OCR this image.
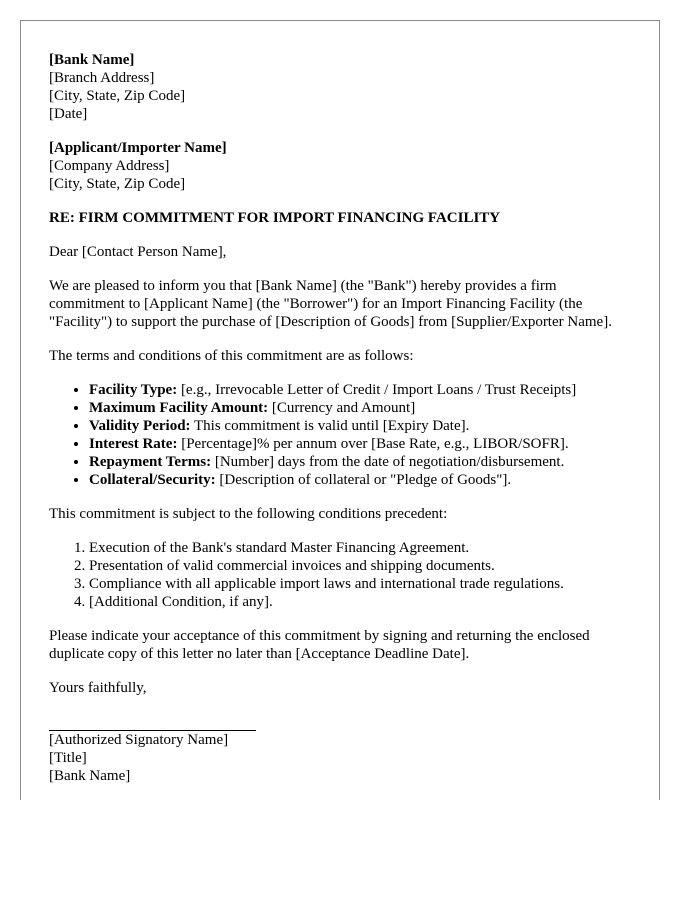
[Bank Name]
[Branch Address]
[City, State, Zip Code]
[Date]
[Applicant/Importer Name]
[Company Address]
[City, State, Zip Code]

RE: FIRM COMMITMENT FOR IMPORT FINANCING FACILITY

Dear [Contact Person Name],

We are pleased to inform you that [Bank Name] (the "Bank") hereby provides a firm commitment to [Applicant Name] (the "Borrower") for an Import Financing Facility (the "Facility") to support the purchase of [Description of Goods] from [Supplier/Exporter Name].

The terms and conditions of this commitment are as follows:

• Facility Type: [e.g., Irrevocable Letter of Credit / Import Loans / Trust Receipts]
• Maximum Facility Amount: [Currency and Amount]
• Validity Period: This commitment is valid until [Expiry Date].
• Interest Rate: [Percentage]% per annum over [Base Rate, e.g., LIBOR/SOFR].
• Repayment Terms: [Number] days from the date of negotiation/disbursement.
• Collateral/Security: [Description of collateral or "Pledge of Goods"].

This commitment is subject to the following conditions precedent:

1. Execution of the Bank's standard Master Financing Agreement.
2. Presentation of valid commercial invoices and shipping documents.
3. Compliance with all applicable import laws and international trade regulations.
4. [Additional Condition, if any].

Please indicate your acceptance of this commitment by signing and returning the enclosed duplicate copy of this letter no later than [Acceptance Deadline Date].

Yours faithfully,

[Authorized Signatory Name]
[Title]
[Bank Name]
